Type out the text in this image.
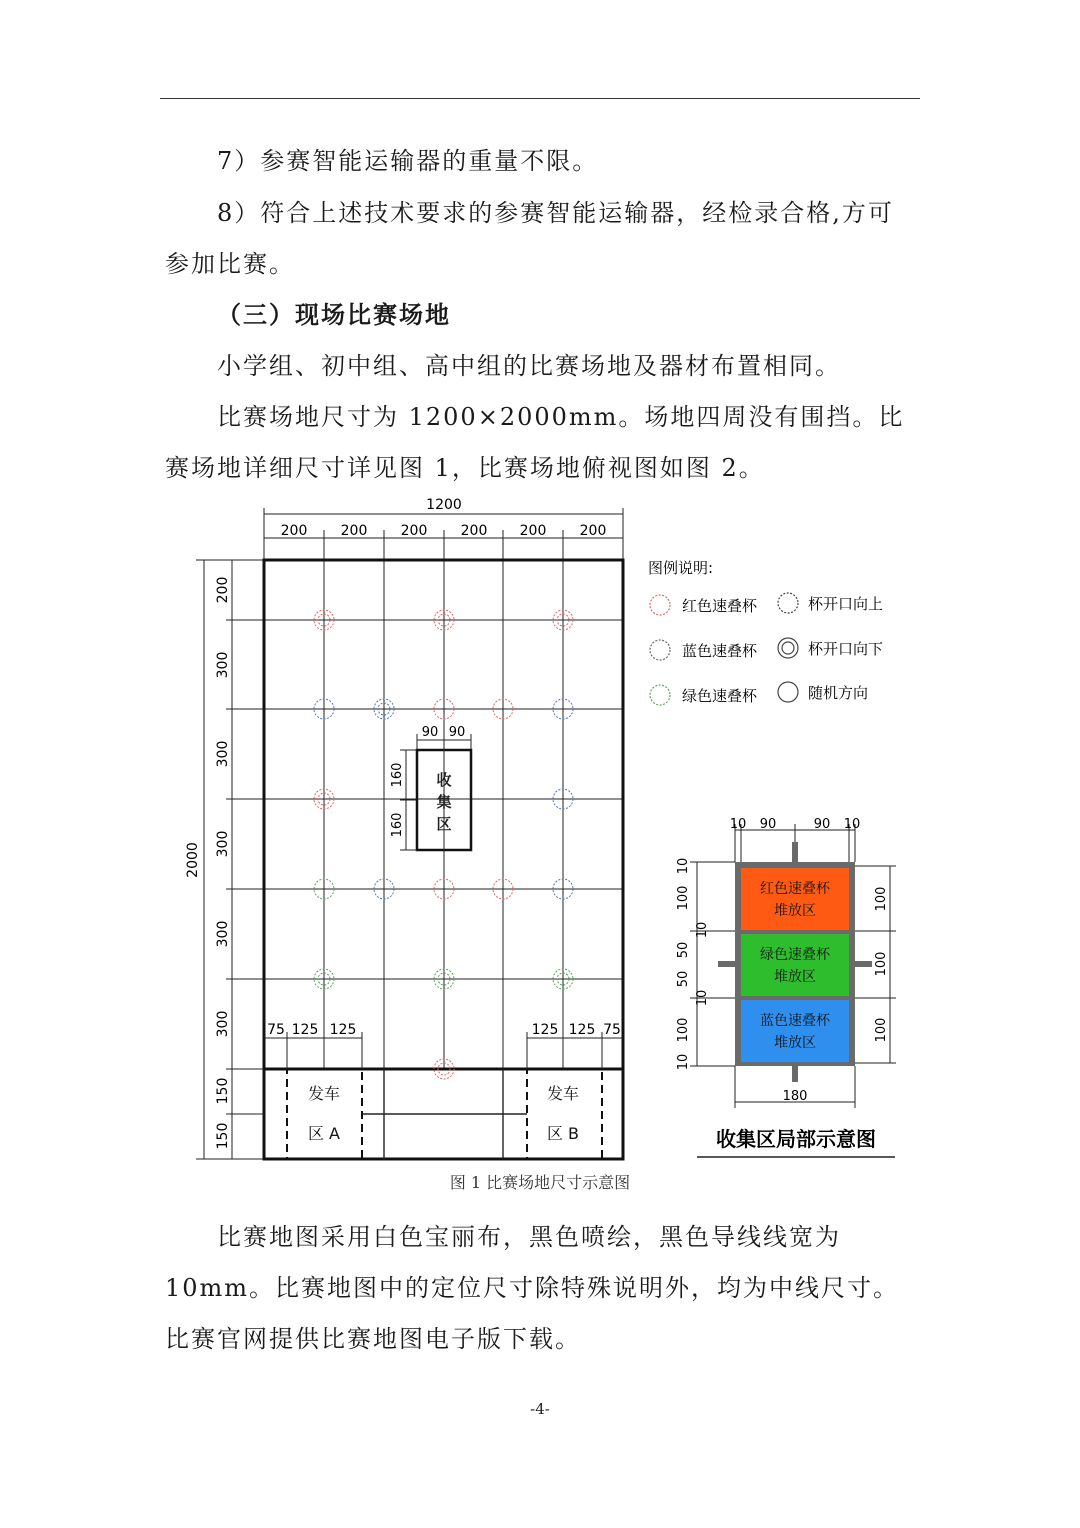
7）参赛智能运输器的重量不限。

8）符合上述技术要求的参赛智能运输器，经检录合格,方可参加比赛。

（三）现场比赛场地

小学组、初中组、高中组的比赛场地及器材布置相同。

比赛场地尺寸为 1200×2000mm。场地四周没有围挡。比赛场地详细尺寸详见图 1，比赛场地俯视图如图 2。

1200
200 200 200 200 200 200
2000
200
300
300
300
300
300
150
150
收
集
区
90 90
160
160
发车
区 A
发车
区 B
75 125 125	125 125 75
图例说明:
红色速叠杯
蓝色速叠杯
绿色速叠杯
杯开口向上
杯开口向下
随机方向
10 90	90 10
10
100
10
50
50
10
100
10
100
100
100
180
红色速叠杯
堆放区
绿色速叠杯
堆放区
蓝色速叠杯
堆放区
收集区局部示意图
图 1 比赛场地尺寸示意图

比赛地图采用白色宝丽布，黑色喷绘，黑色导线线宽为 10mm。比赛地图中的定位尺寸除特殊说明外，均为中线尺寸。比赛官网提供比赛地图电子版下载。

-4-
